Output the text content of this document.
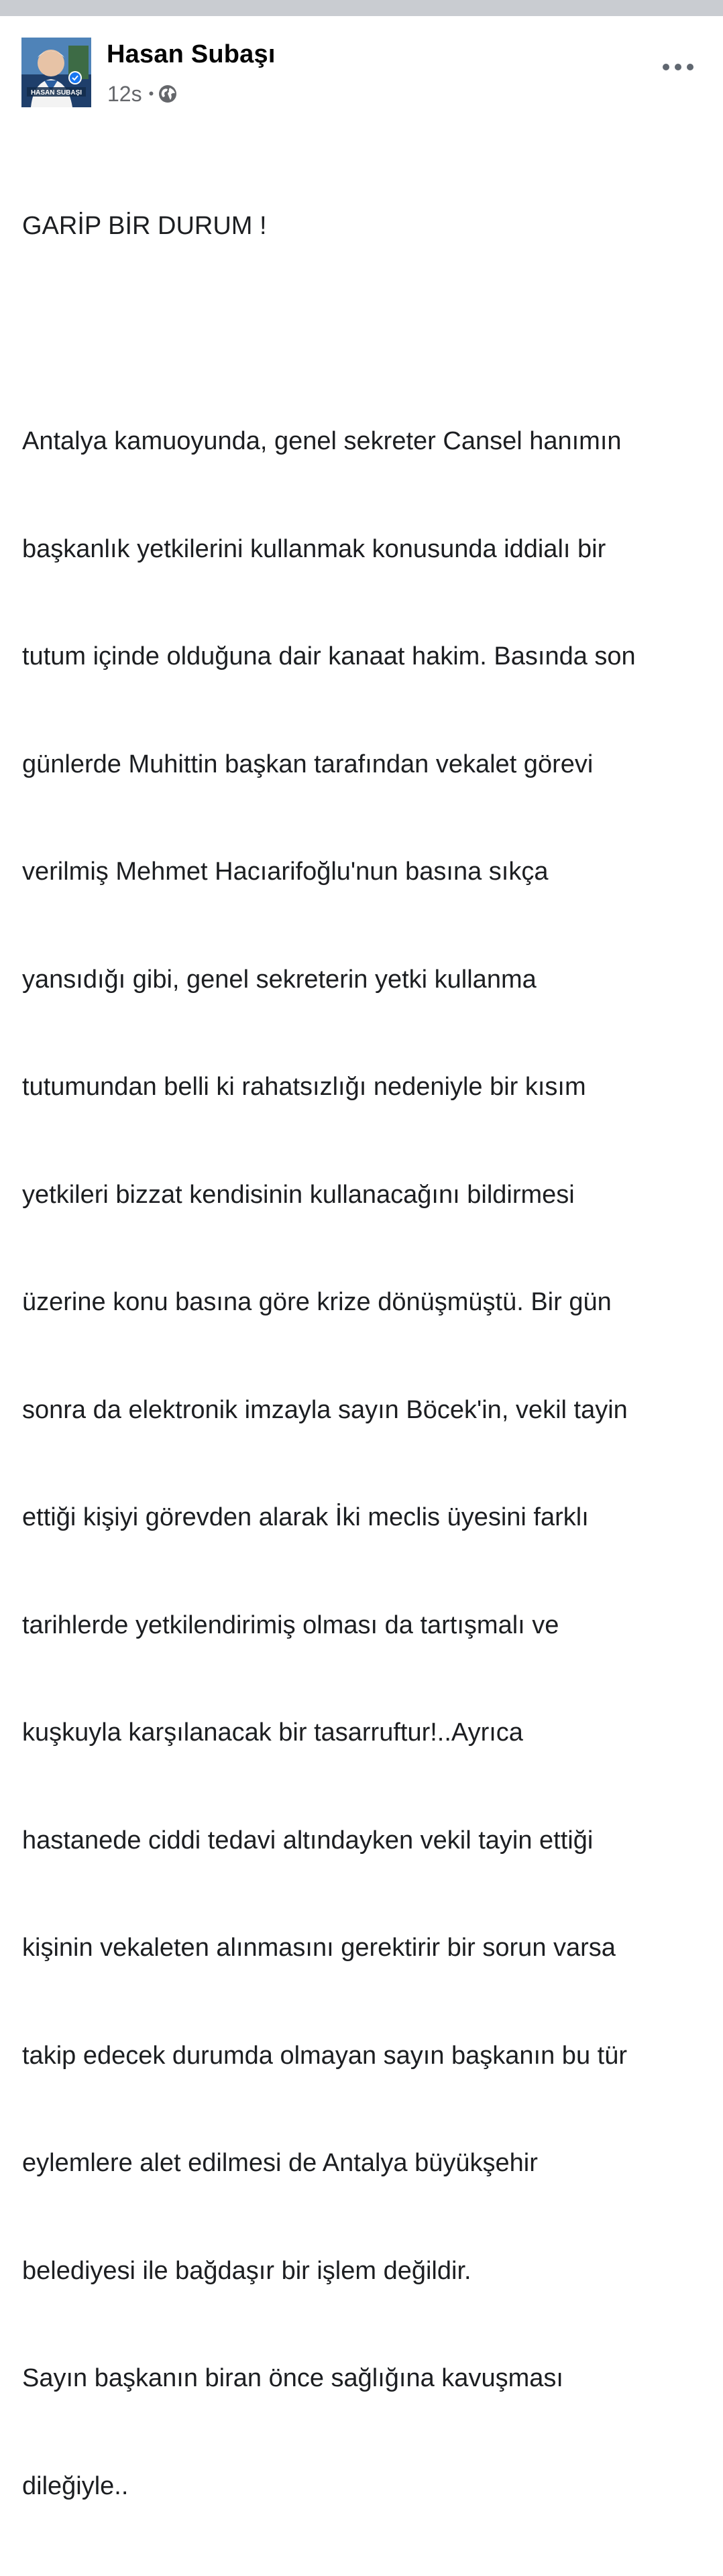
HASAN SUBAŞI
Hasan Subaşı
12s •

GARİP BİR DURUM !

Antalya kamuoyunda, genel sekreter Cansel hanımın

başkanlık yetkilerini kullanmak konusunda iddialı bir

tutum içinde olduğuna dair kanaat hakim. Basında son

günlerde Muhittin başkan tarafından vekalet görevi

verilmiş Mehmet Hacıarifoğlu'nun basına sıkça

yansıdığı gibi, genel sekreterin yetki kullanma

tutumundan belli ki rahatsızlığı nedeniyle bir kısım

yetkileri bizzat kendisinin kullanacağını bildirmesi

üzerine konu basına göre krize dönüşmüştü. Bir gün

sonra da elektronik imzayla sayın Böcek'in, vekil tayin

ettiği kişiyi görevden alarak İki meclis üyesini farklı

tarihlerde yetkilendirimiş olması da tartışmalı ve

kuşkuyla karşılanacak bir tasarruftur!..Ayrıca

hastanede ciddi tedavi altındayken vekil tayin ettiği

kişinin vekaleten alınmasını gerektirir bir sorun varsa

takip edecek durumda olmayan sayın başkanın bu tür

eylemlere alet edilmesi de Antalya büyükşehir

belediyesi ile bağdaşır bir işlem değildir.

Sayın başkanın biran önce sağlığına kavuşması

dileğiyle..
